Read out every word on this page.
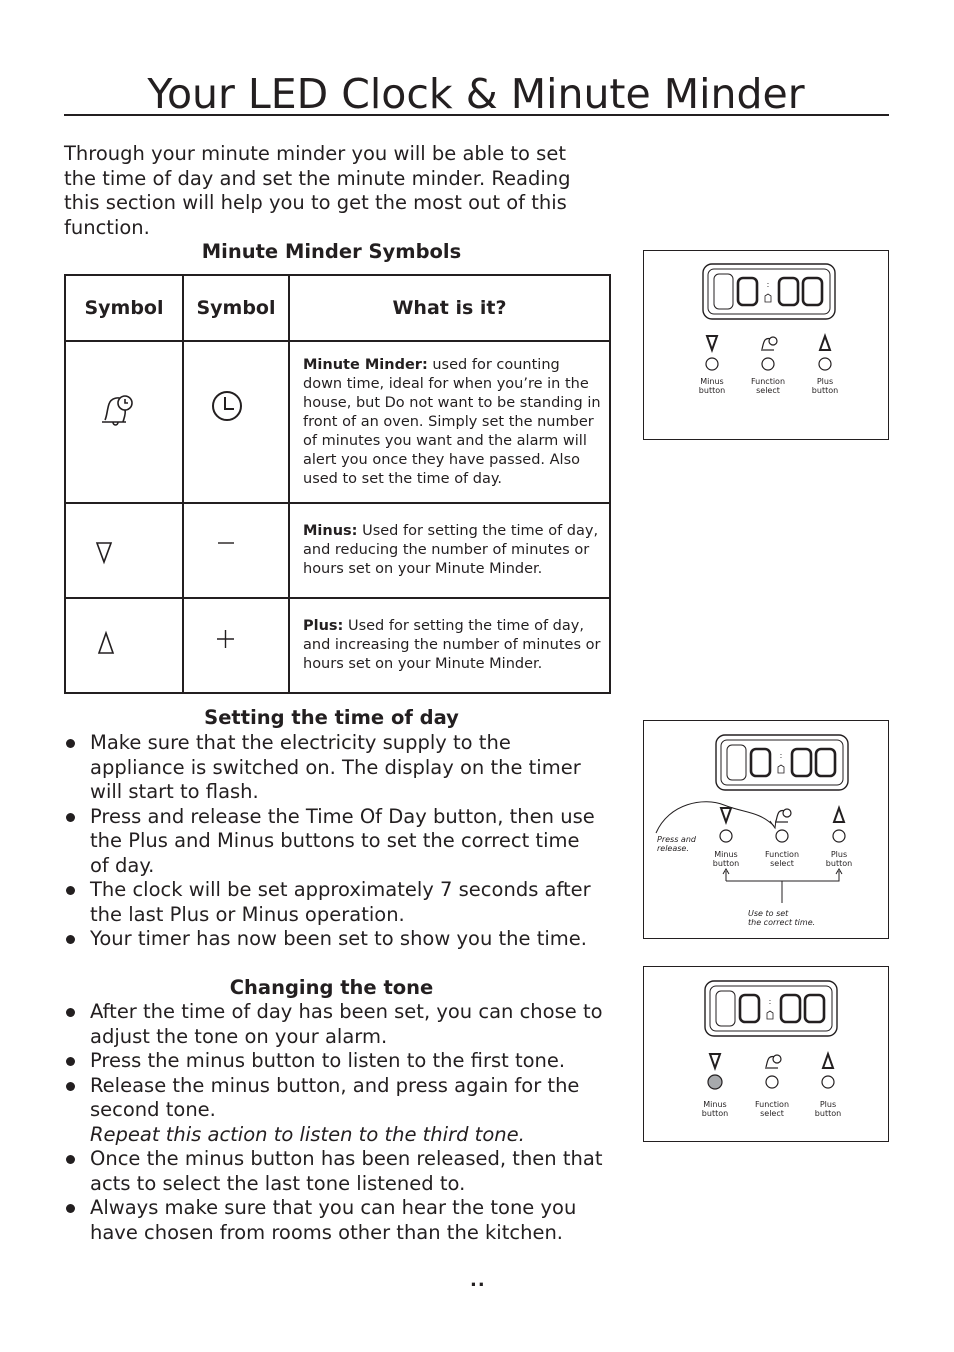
Your LED Clock & Minute Minder

Through your minute minder you will be able to set the time of day and set the minute minder. Reading this section will help you to get the most out of this function.

Minute Minder Symbols
Symbol	Symbol	What is it?

	Minute Minder: used for counting down time, ideal for when you’re in the house, but Do not want to be standing in front of an oven. Simply set the number of minutes you want and the alarm will alert you once they have passed. Also used to set the time of day.

	Minus: Used for setting the time of day, and reducing the number of minutes or hours set on your Minute Minder.

	Plus: Used for setting the time of day, and increasing the number of minutes or hours set on your Minute Minder.
Setting the time of day
Make sure that the electricity supply to the appliance is switched on. The display on the timer will start to flash.
Press and release the Time Of Day button, then use the Plus and Minus buttons to set the correct time of day.
The clock will be set approximately 7 seconds after the last Plus or Minus operation.
Your timer has now been set to show you the time.
Changing the tone
After the time of day has been set, you can chose to adjust the tone on your alarm.
Press the minus button to listen to the first tone.
Release the minus button, and press again for the second tone.
Repeat this action to listen to the third tone.
Once the minus button has been released, then that acts to select the last tone listened to.
Always make sure that you can hear the tone you have chosen from rooms other than the kitchen.
:
Minus
button
Function
select
Plus
button
:
Press and
release.
Minus
button
Function
select
Plus
button
Use to set
the correct time.
:
Minus
button
Function
select
Plus
button
..
